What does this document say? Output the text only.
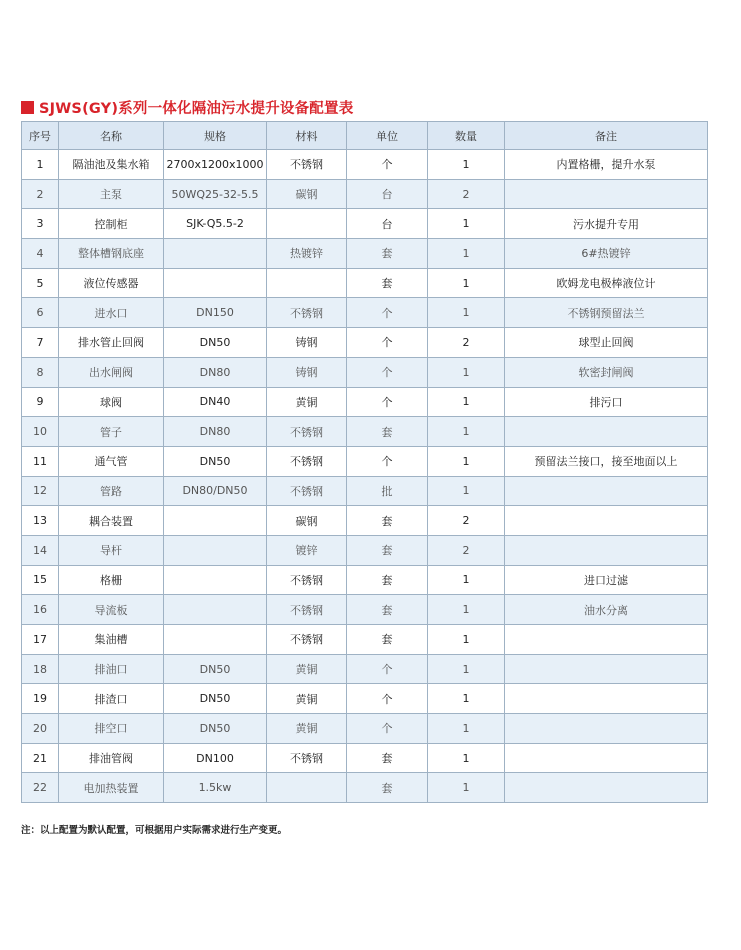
SJWS(GY)系列一体化隔油污水提升设备配置表
序号	名称	规格	材料	单位	数量	备注
1	隔油池及集水箱	2700x1200x1000	不锈钢	个	1	内置格栅，提升水泵
2	主泵	50WQ25-32-5.5	碳钢	台	2	
3	控制柜	SJK-Q5.5-2		台	1	污水提升专用
4	整体槽钢底座		热镀锌	套	1	6#热镀锌
5	液位传感器			套	1	欧姆龙电极棒液位计
6	进水口	DN150	不锈钢	个	1	不锈钢预留法兰
7	排水管止回阀	DN50	铸钢	个	2	球型止回阀
8	出水闸阀	DN80	铸钢	个	1	软密封闸阀
9	球阀	DN40	黄铜	个	1	排污口
10	管子	DN80	不锈钢	套	1	
11	通气管	DN50	不锈钢	个	1	预留法兰接口，接至地面以上
12	管路	DN80/DN50	不锈钢	批	1	
13	耦合装置		碳钢	套	2	
14	导杆		镀锌	套	2	
15	格栅		不锈钢	套	1	进口过滤
16	导流板		不锈钢	套	1	油水分离
17	集油槽		不锈钢	套	1	
18	排油口	DN50	黄铜	个	1	
19	排渣口	DN50	黄铜	个	1	
20	排空口	DN50	黄铜	个	1	
21	排油管阀	DN100	不锈钢	套	1	
22	电加热装置	1.5kw		套	1	
注：以上配置为默认配置，可根据用户实际需求进行生产变更。
